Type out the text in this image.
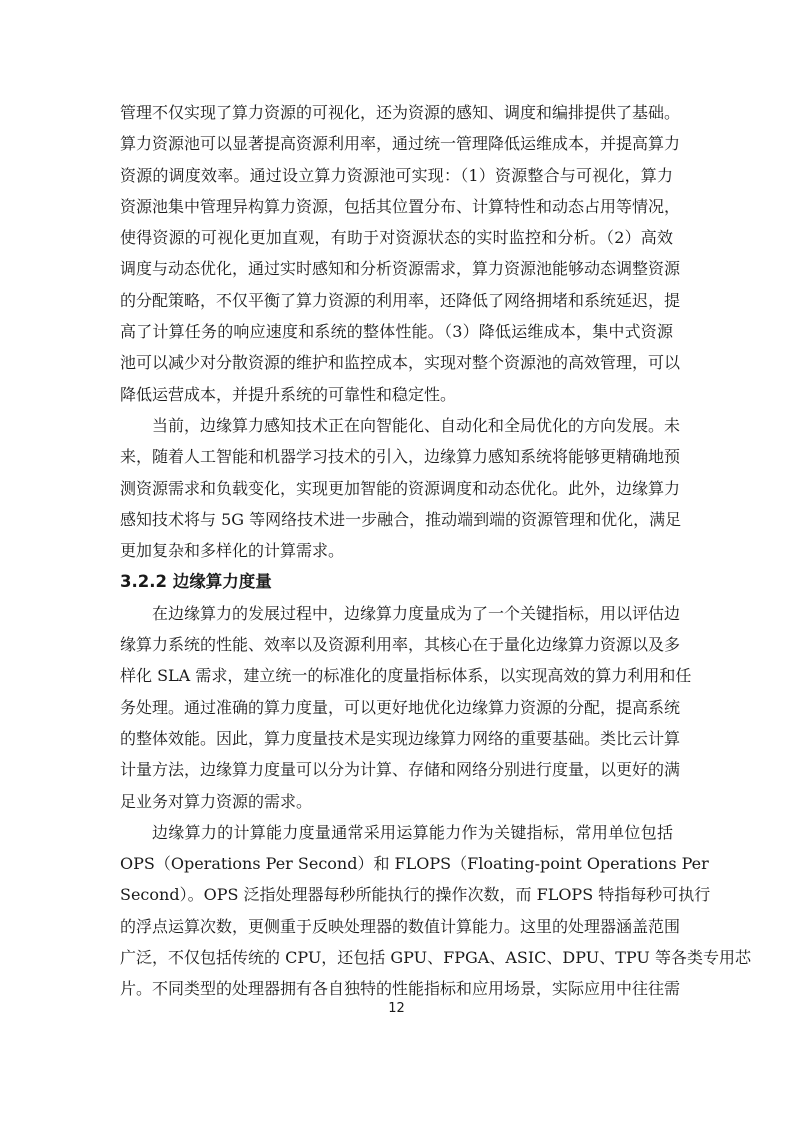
管理不仅实现了算力资源的可视化，还为资源的感知、调度和编排提供了基础。
算力资源池可以显著提高资源利用率，通过统一管理降低运维成本，并提高算力
资源的调度效率。通过设立算力资源池可实现：（1）资源整合与可视化，算力
资源池集中管理异构算力资源，包括其位置分布、计算特性和动态占用等情况，
使得资源的可视化更加直观，有助于对资源状态的实时监控和分析。（2）高效
调度与动态优化，通过实时感知和分析资源需求，算力资源池能够动态调整资源
的分配策略，不仅平衡了算力资源的利用率，还降低了网络拥堵和系统延迟，提
高了计算任务的响应速度和系统的整体性能。（3）降低运维成本，集中式资源
池可以减少对分散资源的维护和监控成本，实现对整个资源池的高效管理，可以
降低运营成本，并提升系统的可靠性和稳定性。
当前，边缘算力感知技术正在向智能化、自动化和全局优化的方向发展。未
来，随着人工智能和机器学习技术的引入，边缘算力感知系统将能够更精确地预
测资源需求和负载变化，实现更加智能的资源调度和动态优化。此外，边缘算力
感知技术将与 5G 等网络技术进一步融合，推动端到端的资源管理和优化，满足
更加复杂和多样化的计算需求。
3.2.2 边缘算力度量
在边缘算力的发展过程中，边缘算力度量成为了一个关键指标，用以评估边
缘算力系统的性能、效率以及资源利用率，其核心在于量化边缘算力资源以及多
样化 SLA 需求，建立统一的标准化的度量指标体系，以实现高效的算力利用和任
务处理。通过准确的算力度量，可以更好地优化边缘算力资源的分配，提高系统
的整体效能。因此，算力度量技术是实现边缘算力网络的重要基础。类比云计算
计量方法，边缘算力度量可以分为计算、存储和网络分别进行度量，以更好的满
足业务对算力资源的需求。
边缘算力的计算能力度量通常采用运算能力作为关键指标，常用单位包括
OPS（Operations Per Second）和 FLOPS（Floating-point Operations Per
Second）。OPS 泛指处理器每秒所能执行的操作次数，而 FLOPS 特指每秒可执行
的浮点运算次数，更侧重于反映处理器的数值计算能力。这里的处理器涵盖范围
广泛，不仅包括传统的 CPU，还包括 GPU、FPGA、ASIC、DPU、TPU 等各类专用芯
片。不同类型的处理器拥有各自独特的性能指标和应用场景，实际应用中往往需
12
